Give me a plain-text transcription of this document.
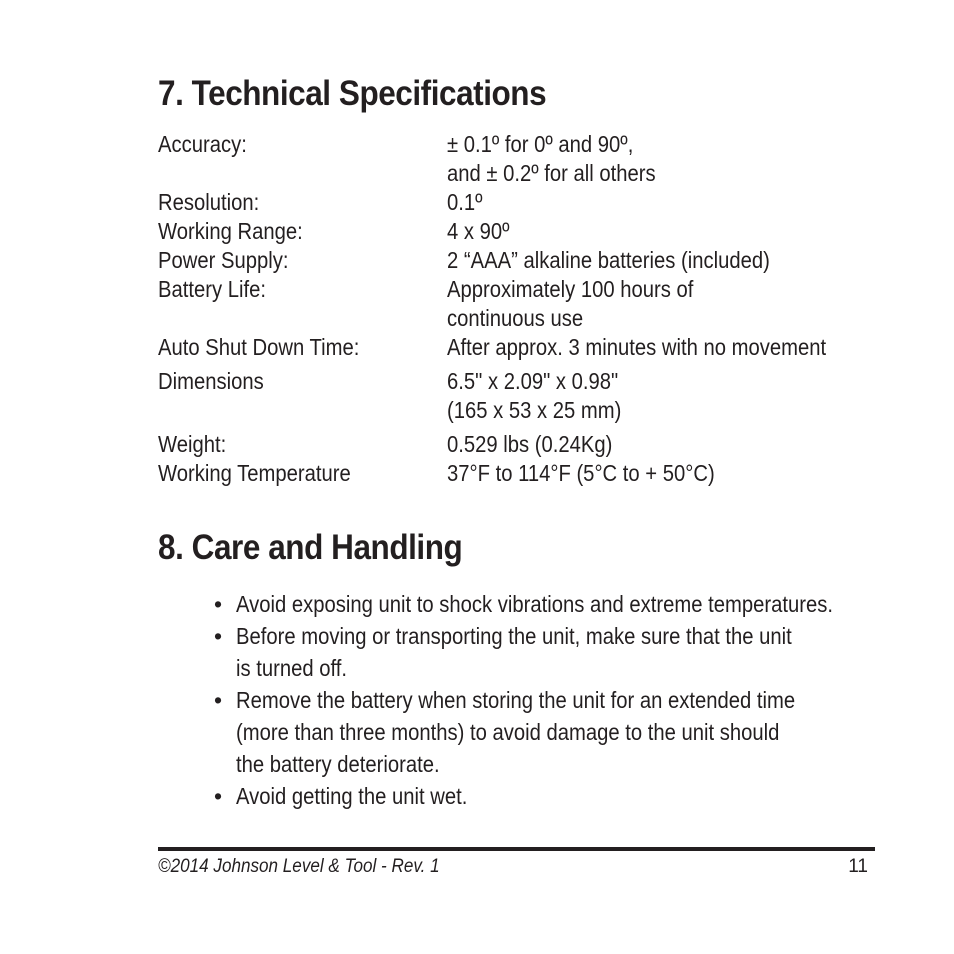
7. Technical Specifications
Accuracy:	± 0.1º for 0º and 90º,
and ± 0.2º for all others
Resolution:	0.1º
Working Range:	4 x 90º
Power Supply:	2 “AAA” alkaline batteries (included)
Battery Life:	Approximately 100 hours of
continuous use
Auto Shut Down Time:	After approx. 3 minutes with no movement
Dimensions	6.5" x 2.09" x 0.98"
(165 x 53 x 25 mm)
Weight:	0.529 lbs (0.24Kg)
Working Temperature	37°F to 114°F (5°C to + 50°C)
8. Care and Handling
• Avoid exposing unit to shock vibrations and extreme temperatures.
• Before moving or transporting the unit, make sure that the unit
is turned off.
• Remove the battery when storing the unit for an extended time
(more than three months) to avoid damage to the unit should
the battery deteriorate.
• Avoid getting the unit wet.
©2014 Johnson Level & Tool - Rev. 1	11
